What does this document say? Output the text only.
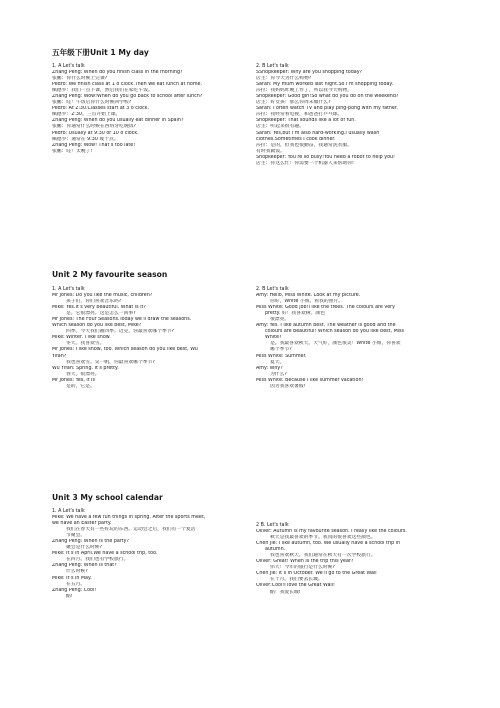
五年级下册Unit 1 My day
1. A Let's talk
Zhang Peng: When do you finish class in the morning?
张鹏：你什么时候上完课?
Pedro: We finish class at 1 o’clock.Then we eat lunch at home.
佩德罗：我们一点下课，然后我们在家吃午饭。
Zhang Peng: Wow!When do you go back to school after lunch?
张鹏：哇！午饭后你什么时候回学校?
Pedro: At 2:30.Classes start at 3 o’clock.
佩德罗：2:30。三点开始上课。
Zhang Peng: When do you usually eat dinner in Spain?
张鹏：你通常什么时候在西班牙吃晚饭?
Pedro: Usually at 9:30 or 10 o’clock.
佩德罗：通常在 9:30 或十点。
Zhang Peng: Wow! That’s too late!
张鹏：哇！太晚了!
2. B Let's talk
SShopkeeper: Why are you shopping today?
店主：你今天为什么购物?
Sarah: My mum worked last night.So I’m shopping today.
莎拉：我妈妈昨晚工作了，所以我今天购物。
Shopkeeper: Good girl!So what do you do on the weekend?
店主：好女孩！那么你周末做什么?
Sarah: I often watch TV and play ping-pong with my father.
莎拉：我经常看电视，和爸爸打乒乓球。
Shopkeeper: That sounds like a lot of fun.
店主：听起来很有趣。
Sarah: Yes,but I’m also hard-working.I usually wash
clothes.Sometimes I cook dinner.
莎拉：是的，但我也很勤奋，我通常洗衣服。
有时我做饭。
Shopkeeper: You’re so busy!You need a robot to help you!
店主：你这么忙！你需要一个机器人来帮助你!
Unit 2 My favourite season
1. A Let's talk
Mr Jones: Do you like the music, children?
孩子们，你们喜欢音乐吗?
Mike: Yes.It’s very beautiful. What is it?
是。它很漂亮。这是怎么一回事?
Mr Jones: The Four Seasons.Today we’ll draw the seasons.
Which season do you like best, Mike?
四季。今天我们画四季。迈克，你最喜欢哪个季节?
Mike: Winter. I like snow.
冬天。我喜欢雪。
Mr Jones: I like snow, too. Which season do you like best, Wu
Yifan?
我也喜欢雪。吴一帆，你最喜欢哪个季节?
Wu Yifan: Spring. It’s pretty.
春天。很漂亮。
Mr Jones: Yes, it is
是的，它是。
2. B Let's talk
Amy: Hello, Miss White. Look at my picture.
你好，White 小姐。看我的照片。
Miss White: Good job!I like the trees. The colours are very
pretty. 好！我喜欢树。颜色
很漂亮。
Amy: Yes. I like autumn best. The weather is good and the
colours are beautiful! Which season do you like best, Miss
White?
是。我最喜欢秋天。天气好，颜色很美！White 小姐，你喜欢
哪个季节?
Miss White: Summer.
夏天。
Amy: Why?
为什么?
Miss White: Because I like summer vacation!
因为我喜欢暑假!
Unit 3 My school calendar
1. A Let's talk
Mike: We have a few fun things in spring. After the sports meet,
we have an Easter party.
我们在春天有一些好玩的东西。运动会之后，我们有一个复活
节聚会。
Zhang Peng: When is the party?
聚会是什么时候?
Mike: It’s in April.We have a school trip, too.
在四月。我们也有学校旅行。
Zhang Peng: When is that?
什么时候?
Mike: It’s in May.
在五月。
Zhang Peng: Cool!
酷!
2 B. Let's talk
Oliver: Autumn is my favourite season. I really like the colours.
秋天是我最喜欢的季节。我真的很喜欢这些颜色。
Chen Jie: I like autumn, too. We usually have a school trip in
autumn.
我也喜欢秋天。我们通常在秋天有一次学校旅行。
Oliver: Great! When is the trip this year?
伟大！今年的旅行是什么时候?
Chen Jie: It’s in October. We’ll go to the Great Wall
在十月。我们要去长城。
Oliver:Cool!I love the Great Wall!
酷！我爱长城!
